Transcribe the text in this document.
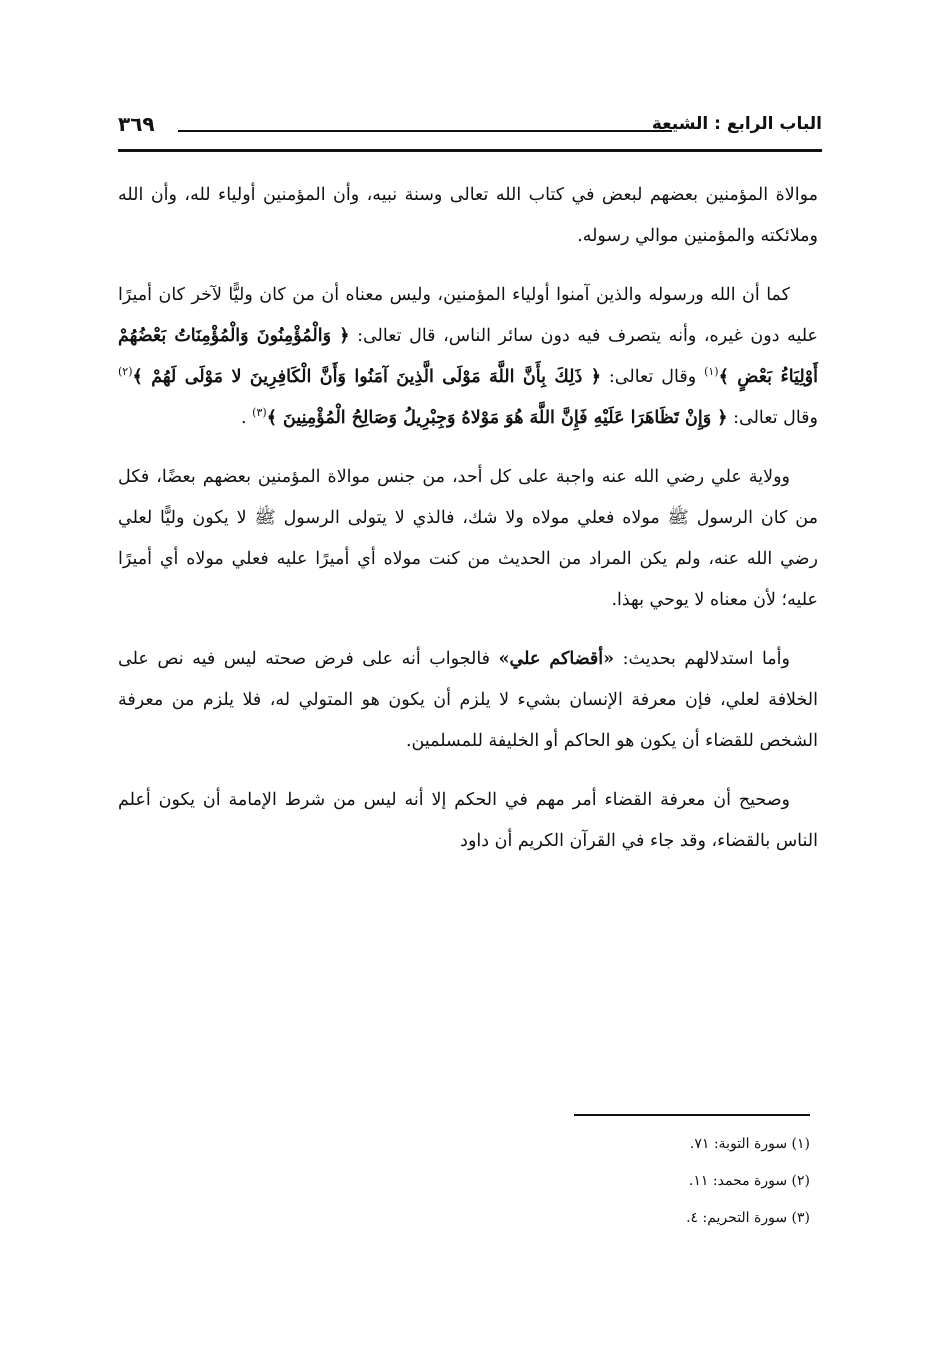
الباب الرابع : الشيعة
٣٦٩

موالاة المؤمنين بعضهم لبعض في كتاب الله تعالى وسنة نبيه، وأن المؤمنين أولياء لله، وأن الله وملائكته والمؤمنين موالي رسوله.

كما أن الله ورسوله والذين آمنوا أولياء المؤمنين، وليس معناه أن من كان وليًّا لآخر كان أميرًا عليه دون غيره، وأنه يتصرف فيه دون سائر الناس، قال تعالى: ﴿ وَالْمُؤْمِنُونَ وَالْمُؤْمِنَاتُ بَعْضُهُمْ أَوْلِيَاءُ بَعْضٍ ﴾$^{(١)}$ وقال تعالى: ﴿ ذَلِكَ بِأَنَّ اللَّهَ مَوْلَى الَّذِينَ آمَنُوا وَأَنَّ الْكَافِرِينَ لا مَوْلَى لَهُمْ ﴾$^{(٢)}$ وقال تعالى: ﴿ وَإِنْ تَظَاهَرَا عَلَيْهِ فَإِنَّ اللَّهَ هُوَ مَوْلاهُ وَجِبْرِيلُ وَصَالِحُ الْمُؤْمِنِينَ ﴾$^{(٣)}$ .

وولاية علي رضي الله عنه واجبة على كل أحد، من جنس موالاة المؤمنين بعضهم بعضًا، فكل من كان الرسول ﷺ مولاه فعلي مولاه ولا شك، فالذي لا يتولى الرسول ﷺ لا يكون وليًّا لعلي رضي الله عنه، ولم يكن المراد من الحديث من كنت مولاه أي أميرًا عليه فعلي مولاه أي أميرًا عليه؛ لأن معناه لا يوحي بهذا.

وأما استدلالهم بحديث: «أقضاكم علي» فالجواب أنه على فرض صحته ليس فيه نص على الخلافة لعلي، فإن معرفة الإنسان بشيء لا يلزم أن يكون هو المتولي له، فلا يلزم من معرفة الشخص للقضاء أن يكون هو الحاكم أو الخليفة للمسلمين.

وصحيح أن معرفة القضاء أمر مهم في الحكم إلا أنه ليس من شرط الإمامة أن يكون أعلم الناس بالقضاء، وقد جاء في القرآن الكريم أن داود

(١) سورة التوبة: ٧١.
(٢) سورة محمد: ١١.
(٣) سورة التحريم: ٤.
